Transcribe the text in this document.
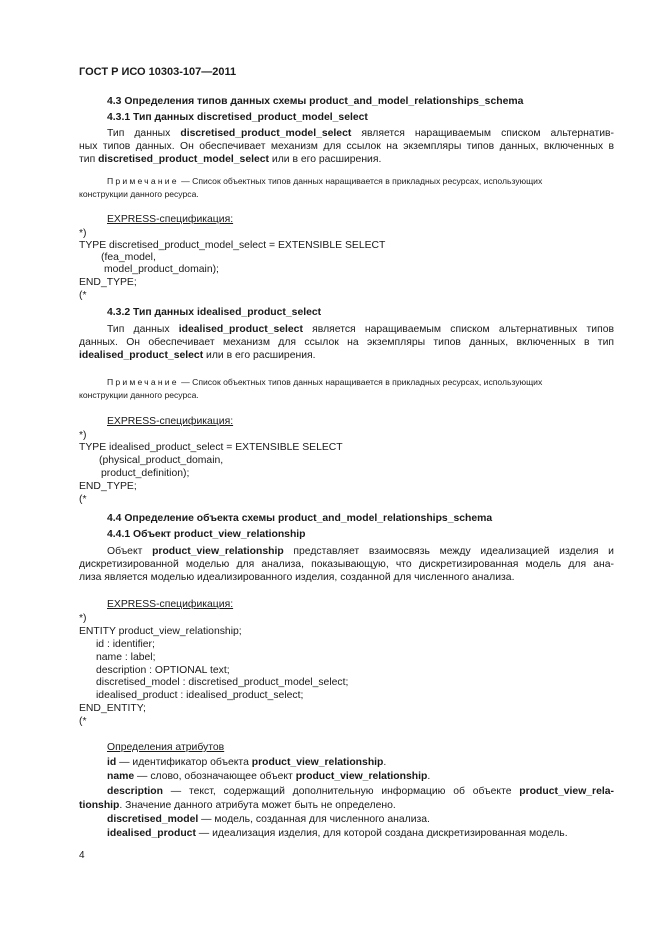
ГОСТ Р ИСО 10303-107—2011
4.3 Определения типов данных схемы product_and_model_relationships_schema
4.3.1 Тип данных discretised_product_model_select
Тип данных discretised_product_model_select является наращиваемым списком альтернатив-
ных типов данных. Он обеспечивает механизм для ссылок на экземпляры типов данных, включенных в
тип discretised_product_model_select или в его расширения.
Примечание — Список объектных типов данных наращивается в прикладных ресурсах, использующих
конструкции данного ресурса.
EXPRESS-спецификация:
*)
TYPE discretised_product_model_select = EXTENSIBLE SELECT
(fea_model,
model_product_domain);
END_TYPE;
(*
4.3.2 Тип данных idealised_product_select
Тип данных idealised_product_select является наращиваемым списком альтернативных типов
данных. Он обеспечивает механизм для ссылок на экземпляры типов данных, включенных в тип
idealised_product_select или в его расширения.
Примечание — Список объектных типов данных наращивается в прикладных ресурсах, использующих
конструкции данного ресурса.
EXPRESS-спецификация:
*)
TYPE idealised_product_select = EXTENSIBLE SELECT
(physical_product_domain,
product_definition);
END_TYPE;
(*
4.4 Определение объекта схемы product_and_model_relationships_schema
4.4.1 Объект product_view_relationship
Объект product_view_relationship представляет взаимосвязь между идеализацией изделия и
дискретизированной моделью для анализа, показывающую, что дискретизированная модель для ана-
лиза является моделью идеализированного изделия, созданной для численного анализа.
EXPRESS-спецификация:
*)
ENTITY product_view_relationship;
id : identifier;
name : label;
description : OPTIONAL text;
discretised_model : discretised_product_model_select;
idealised_product : idealised_product_select;
END_ENTITY;
(*
Определения атрибутов
id — идентификатор объекта product_view_relationship.
name — слово, обозначающее объект product_view_relationship.
description — текст, содержащий дополнительную информацию об объекте product_view_rela-
tionship. Значение данного атрибута может быть не определено.
discretised_model — модель, созданная для численного анализа.
idealised_product — идеализация изделия, для которой создана дискретизированная модель.
4
